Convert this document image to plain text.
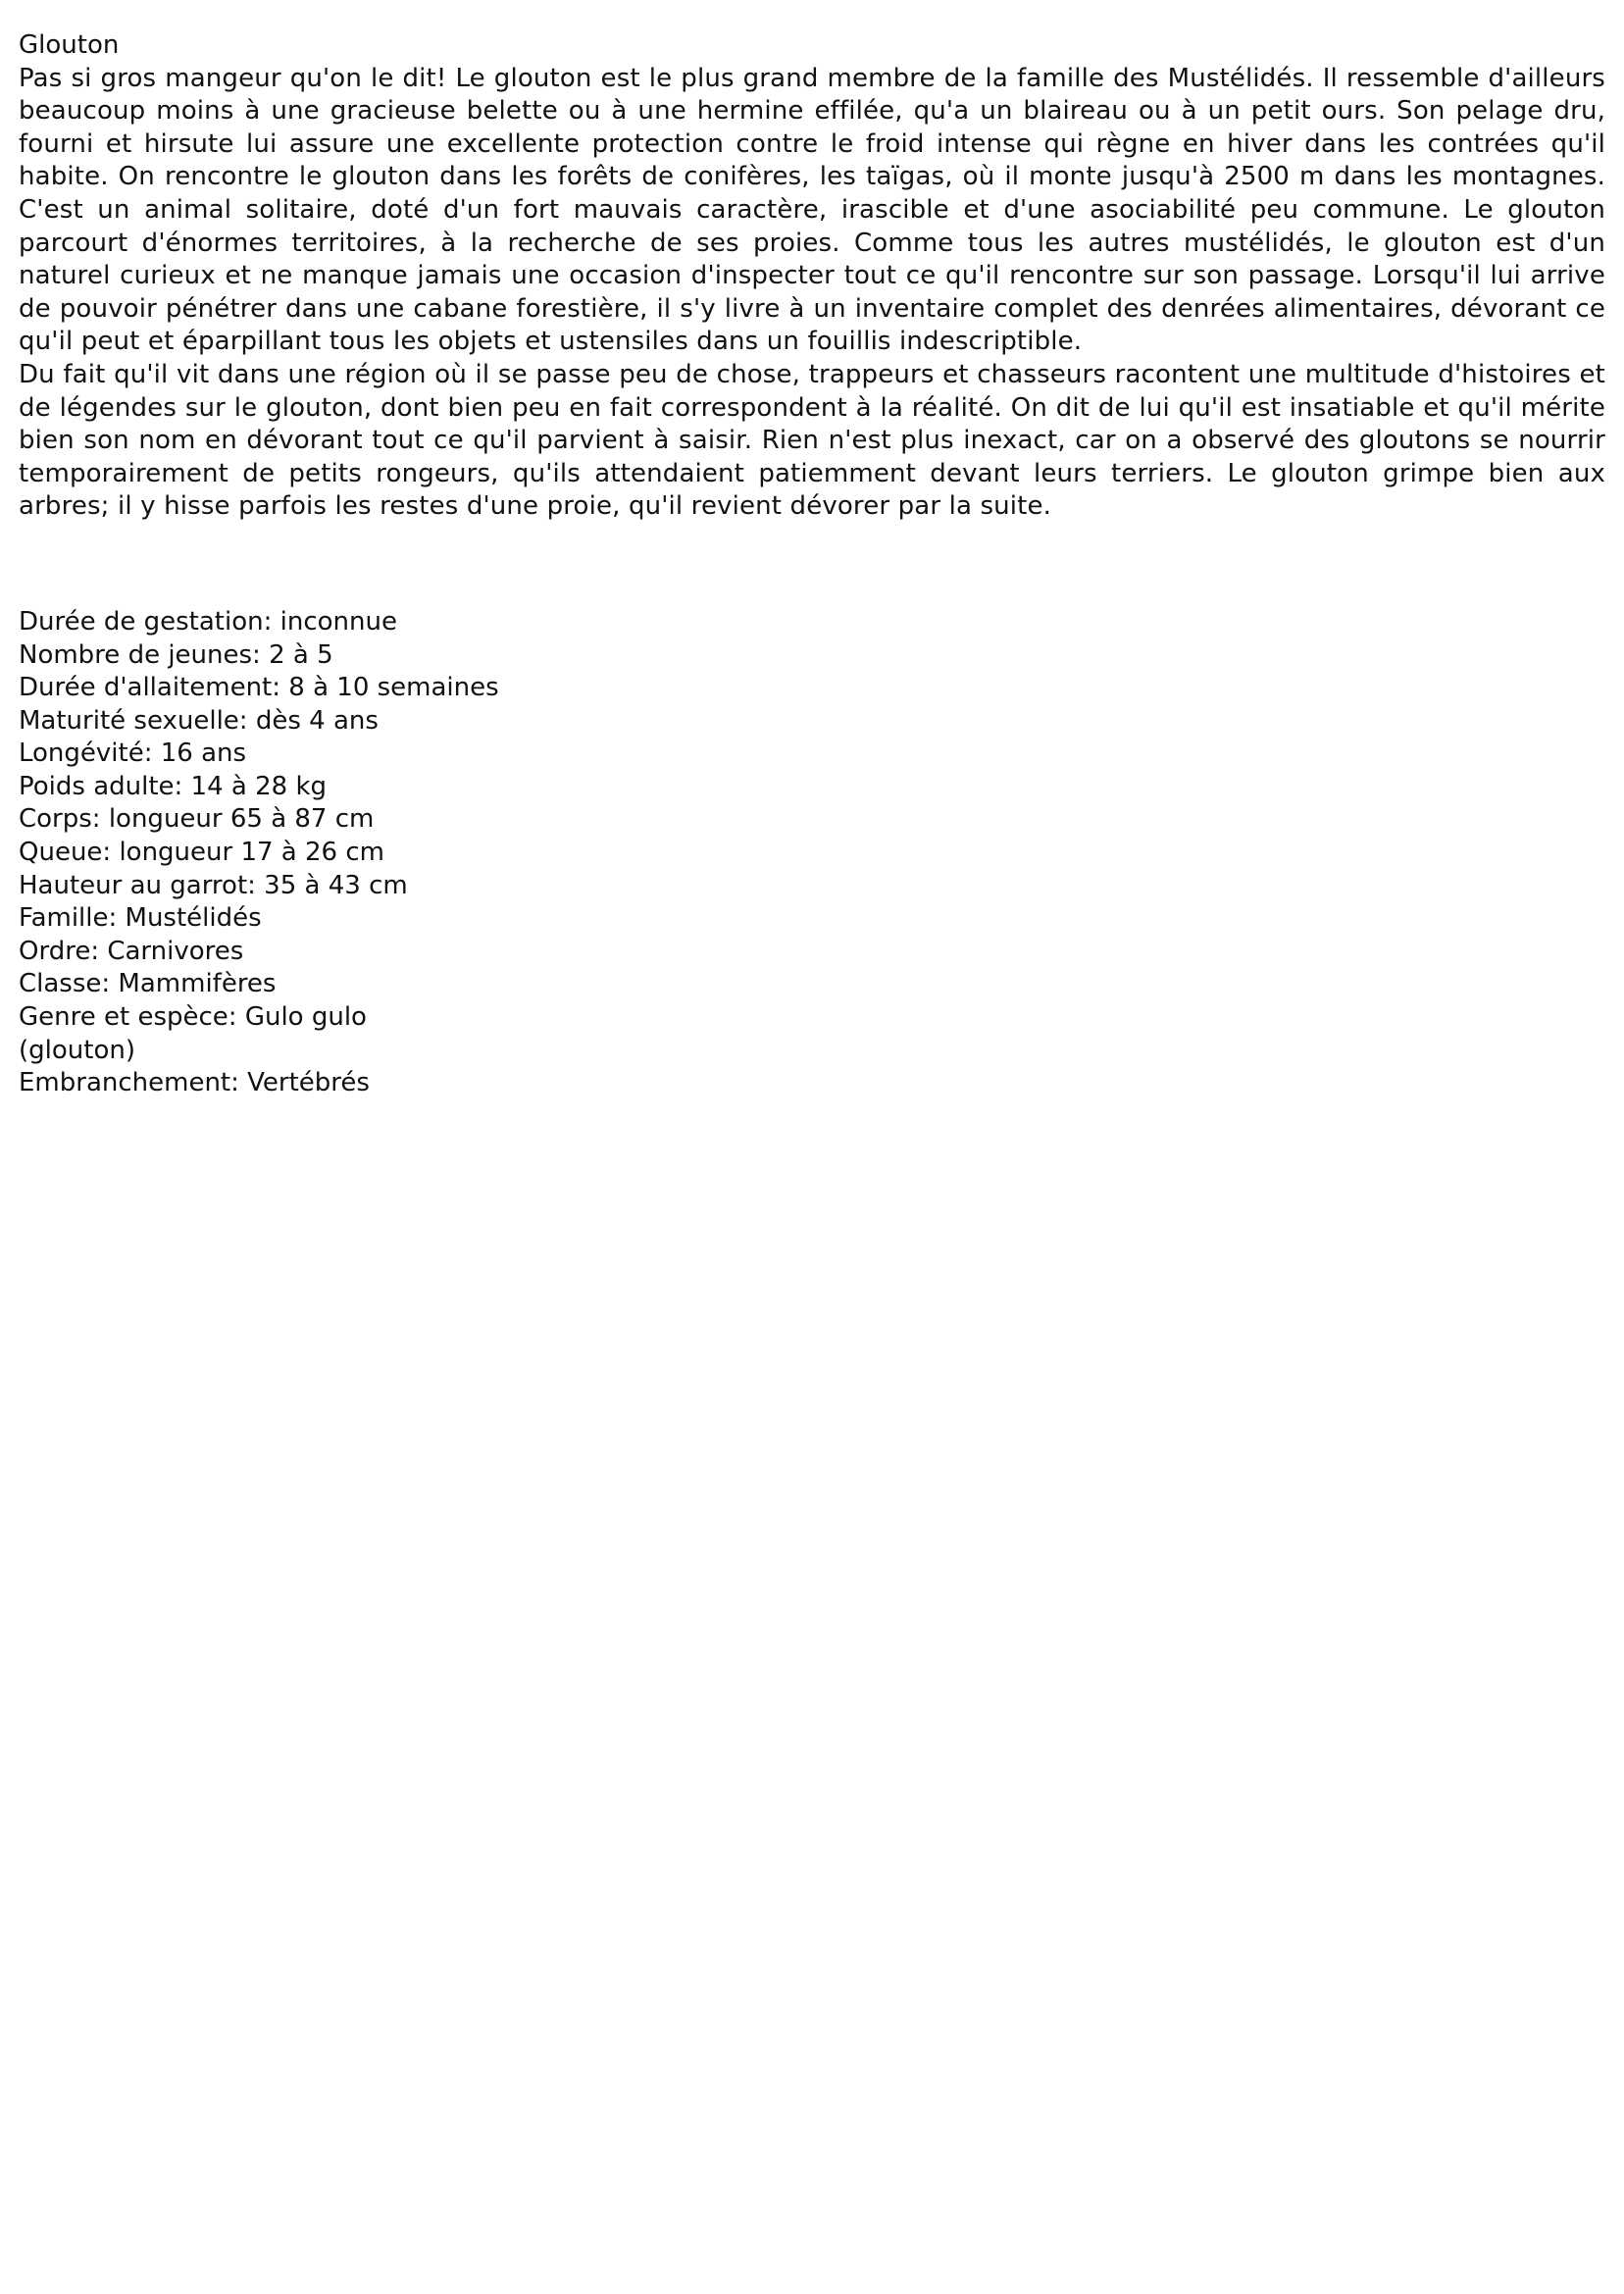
Glouton

Pas si gros mangeur qu'on le dit! Le glouton est le plus grand membre de la famille des Mustélidés. Il ressemble d'ailleurs beaucoup moins à une gracieuse belette ou à une hermine effilée, qu'a un blaireau ou à un petit ours. Son pelage dru, fourni et hirsute lui assure une excellente protection contre le froid intense qui règne en hiver dans les contrées qu'il habite. On rencontre le glouton dans les forêts de conifères, les taïgas, où il monte jusqu'à 2500 m dans les montagnes. C'est un animal solitaire, doté d'un fort mauvais caractère, irascible et d'une asociabilité peu commune. Le glouton parcourt d'énormes territoires, à la recherche de ses proies. Comme tous les autres mustélidés, le glouton est d'un naturel curieux et ne manque jamais une occasion d'inspecter tout ce qu'il rencontre sur son passage. Lorsqu'il lui arrive de pouvoir pénétrer dans une cabane forestière, il s'y livre à un inventaire complet des denrées alimentaires, dévorant ce qu'il peut et éparpillant tous les objets et ustensiles dans un fouillis indescriptible.

Du fait qu'il vit dans une région où il se passe peu de chose, trappeurs et chasseurs racontent une multitude d'histoires et de légendes sur le glouton, dont bien peu en fait correspondent à la réalité. On dit de lui qu'il est insatiable et qu'il mérite bien son nom en dévorant tout ce qu'il parvient à saisir. Rien n'est plus inexact, car on a observé des gloutons se nourrir temporairement de petits rongeurs, qu'ils attendaient patiemment devant leurs terriers. Le glouton grimpe bien aux arbres; il y hisse parfois les restes d'une proie, qu'il revient dévorer par la suite.

Durée de gestation: inconnue
Nombre de jeunes: 2 à 5
Durée d'allaitement: 8 à 10 semaines
Maturité sexuelle: dès 4 ans
Longévité: 16 ans
Poids adulte: 14 à 28 kg
Corps: longueur 65 à 87 cm
Queue: longueur 17 à 26 cm
Hauteur au garrot: 35 à 43 cm
Famille: Mustélidés
Ordre: Carnivores
Classe: Mammifères
Genre et espèce: Gulo gulo
(glouton)
Embranchement: Vertébrés
